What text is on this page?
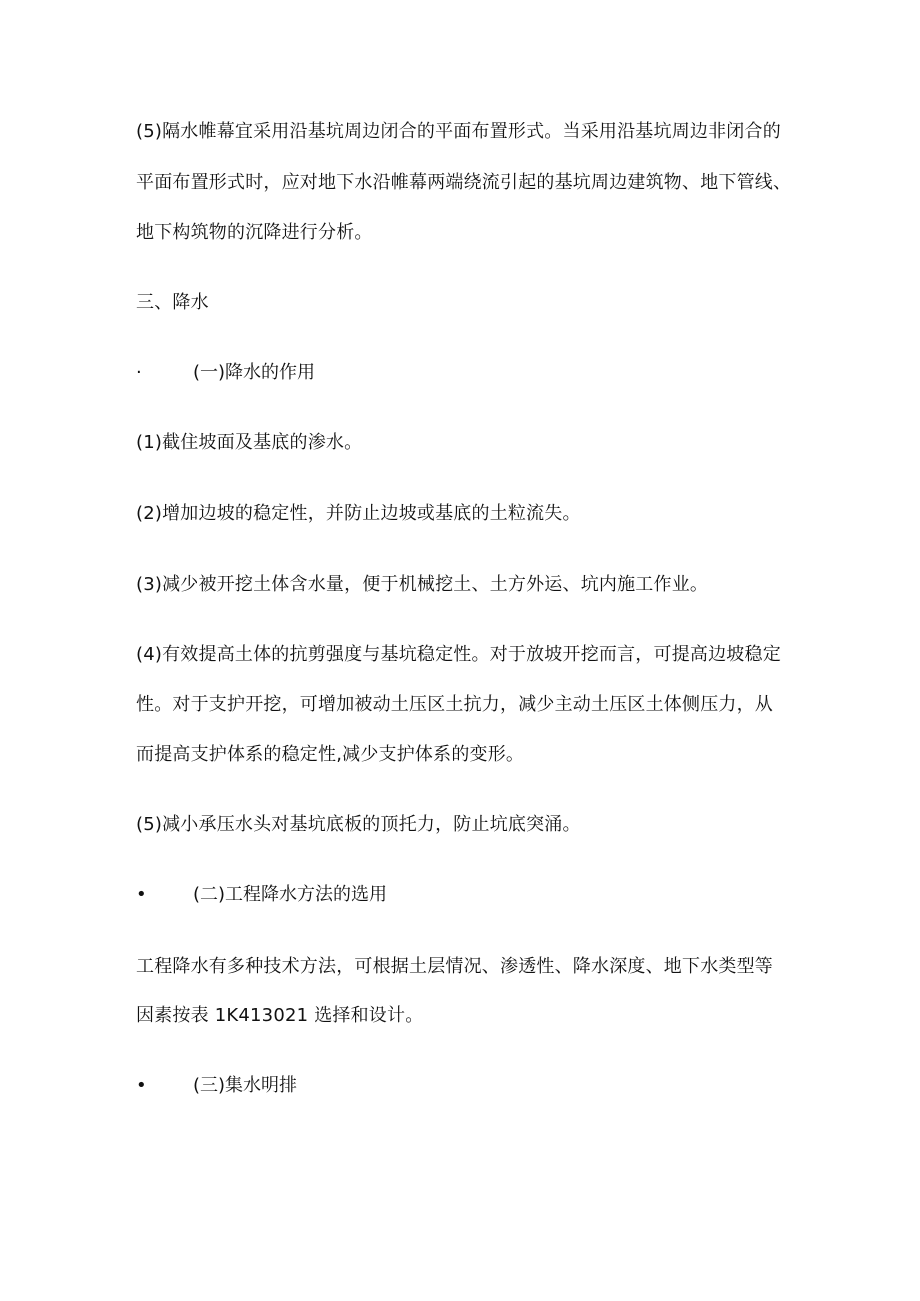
(5)隔水帷幕宜采用沿基坑周边闭合的平面布置形式。当采用沿基坑周边非闭合的
平面布置形式时，应对地下水沿帷幕两端绕流引起的基坑周边建筑物、地下管线、
地下构筑物的沉降进行分析。
三、降水
·	(一)降水的作用
(1)截住坡面及基底的渗水。
(2)增加边坡的稳定性，并防止边坡或基底的土粒流失。
(3)减少被开挖土体含水量，便于机械挖土、土方外运、坑内施工作业。
(4)有效提高土体的抗剪强度与基坑稳定性。对于放坡开挖而言，可提高边坡稳定
性。对于支护开挖，可增加被动土压区土抗力，减少主动土压区土体侧压力，从
而提高支护体系的稳定性,减少支护体系的变形。
(5)减小承压水头对基坑底板的顶托力，防止坑底突涌。
•	(二)工程降水方法的选用
工程降水有多种技术方法，可根据土层情况、渗透性、降水深度、地下水类型等
因素按表 1K413021 选择和设计。
•	(三)集水明排
